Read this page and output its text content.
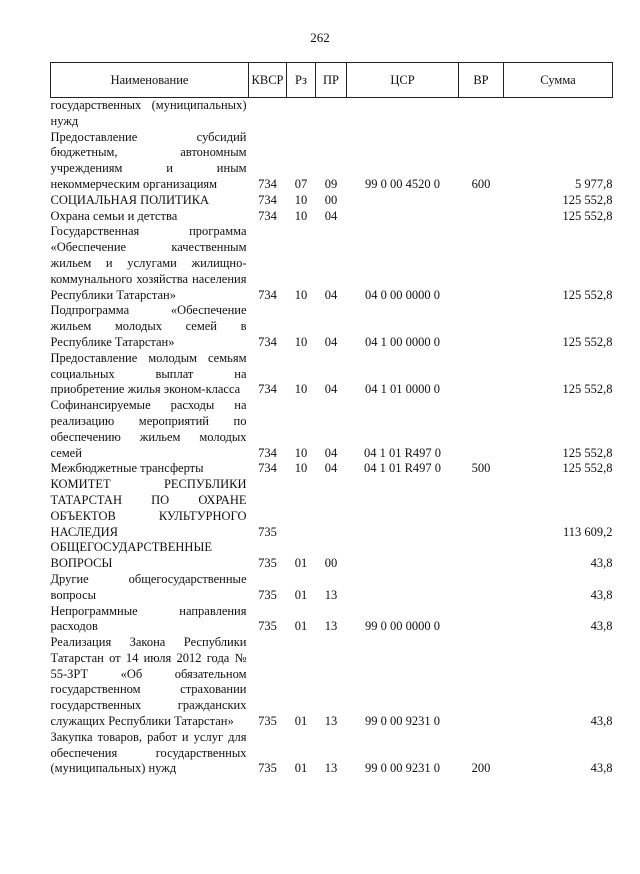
262
Наименование	КВСР	Рз	ПР	ЦСР	ВР	Сумма
государственных (муниципальных) нужд						
Предоставление субсидий бюджетным, автономным учреждениям и иным некоммерческим организациям	734	07	09	99 0 00 4520 0	600	5 977,8
СОЦИАЛЬНАЯ ПОЛИТИКА	734	10	00			125 552,8
Охрана семьи и детства	734	10	04			125 552,8
Государственная программа «Обеспечение качественным жильем и услугами жилищно-коммунального хозяйства населения Республики Татарстан»	734	10	04	04 0 00 0000 0		125 552,8
Подпрограмма «Обеспечение жильем молодых семей в Республике Татарстан»	734	10	04	04 1 00 0000 0		125 552,8
Предоставление молодым семьям социальных выплат на приобретение жилья эконом-класса	734	10	04	04 1 01 0000 0		125 552,8
Софинансируемые расходы на реализацию мероприятий по обеспечению жильем молодых семей	734	10	04	04 1 01 R497 0		125 552,8
Межбюджетные трансферты	734	10	04	04 1 01 R497 0	500	125 552,8
КОМИТЕТ РЕСПУБЛИКИ ТАТАРСТАН ПО ОХРАНЕ ОБЪЕКТОВ КУЛЬТУРНОГО НАСЛЕДИЯ	735					113 609,2
ОБЩЕГОСУДАРСТВЕННЫЕ ВОПРОСЫ	735	01	00			43,8
Другие общегосударственные вопросы	735	01	13			43,8
Непрограммные направления расходов	735	01	13	99 0 00 0000 0		43,8
Реализация Закона Республики Татарстан от 14 июля 2012 года № 55-ЗРТ «Об обязательном государственном страховании государственных гражданских служащих Республики Татарстан»	735	01	13	99 0 00 9231 0		43,8
Закупка товаров, работ и услуг для обеспечения государственных (муниципальных) нужд	735	01	13	99 0 00 9231 0	200	43,8
